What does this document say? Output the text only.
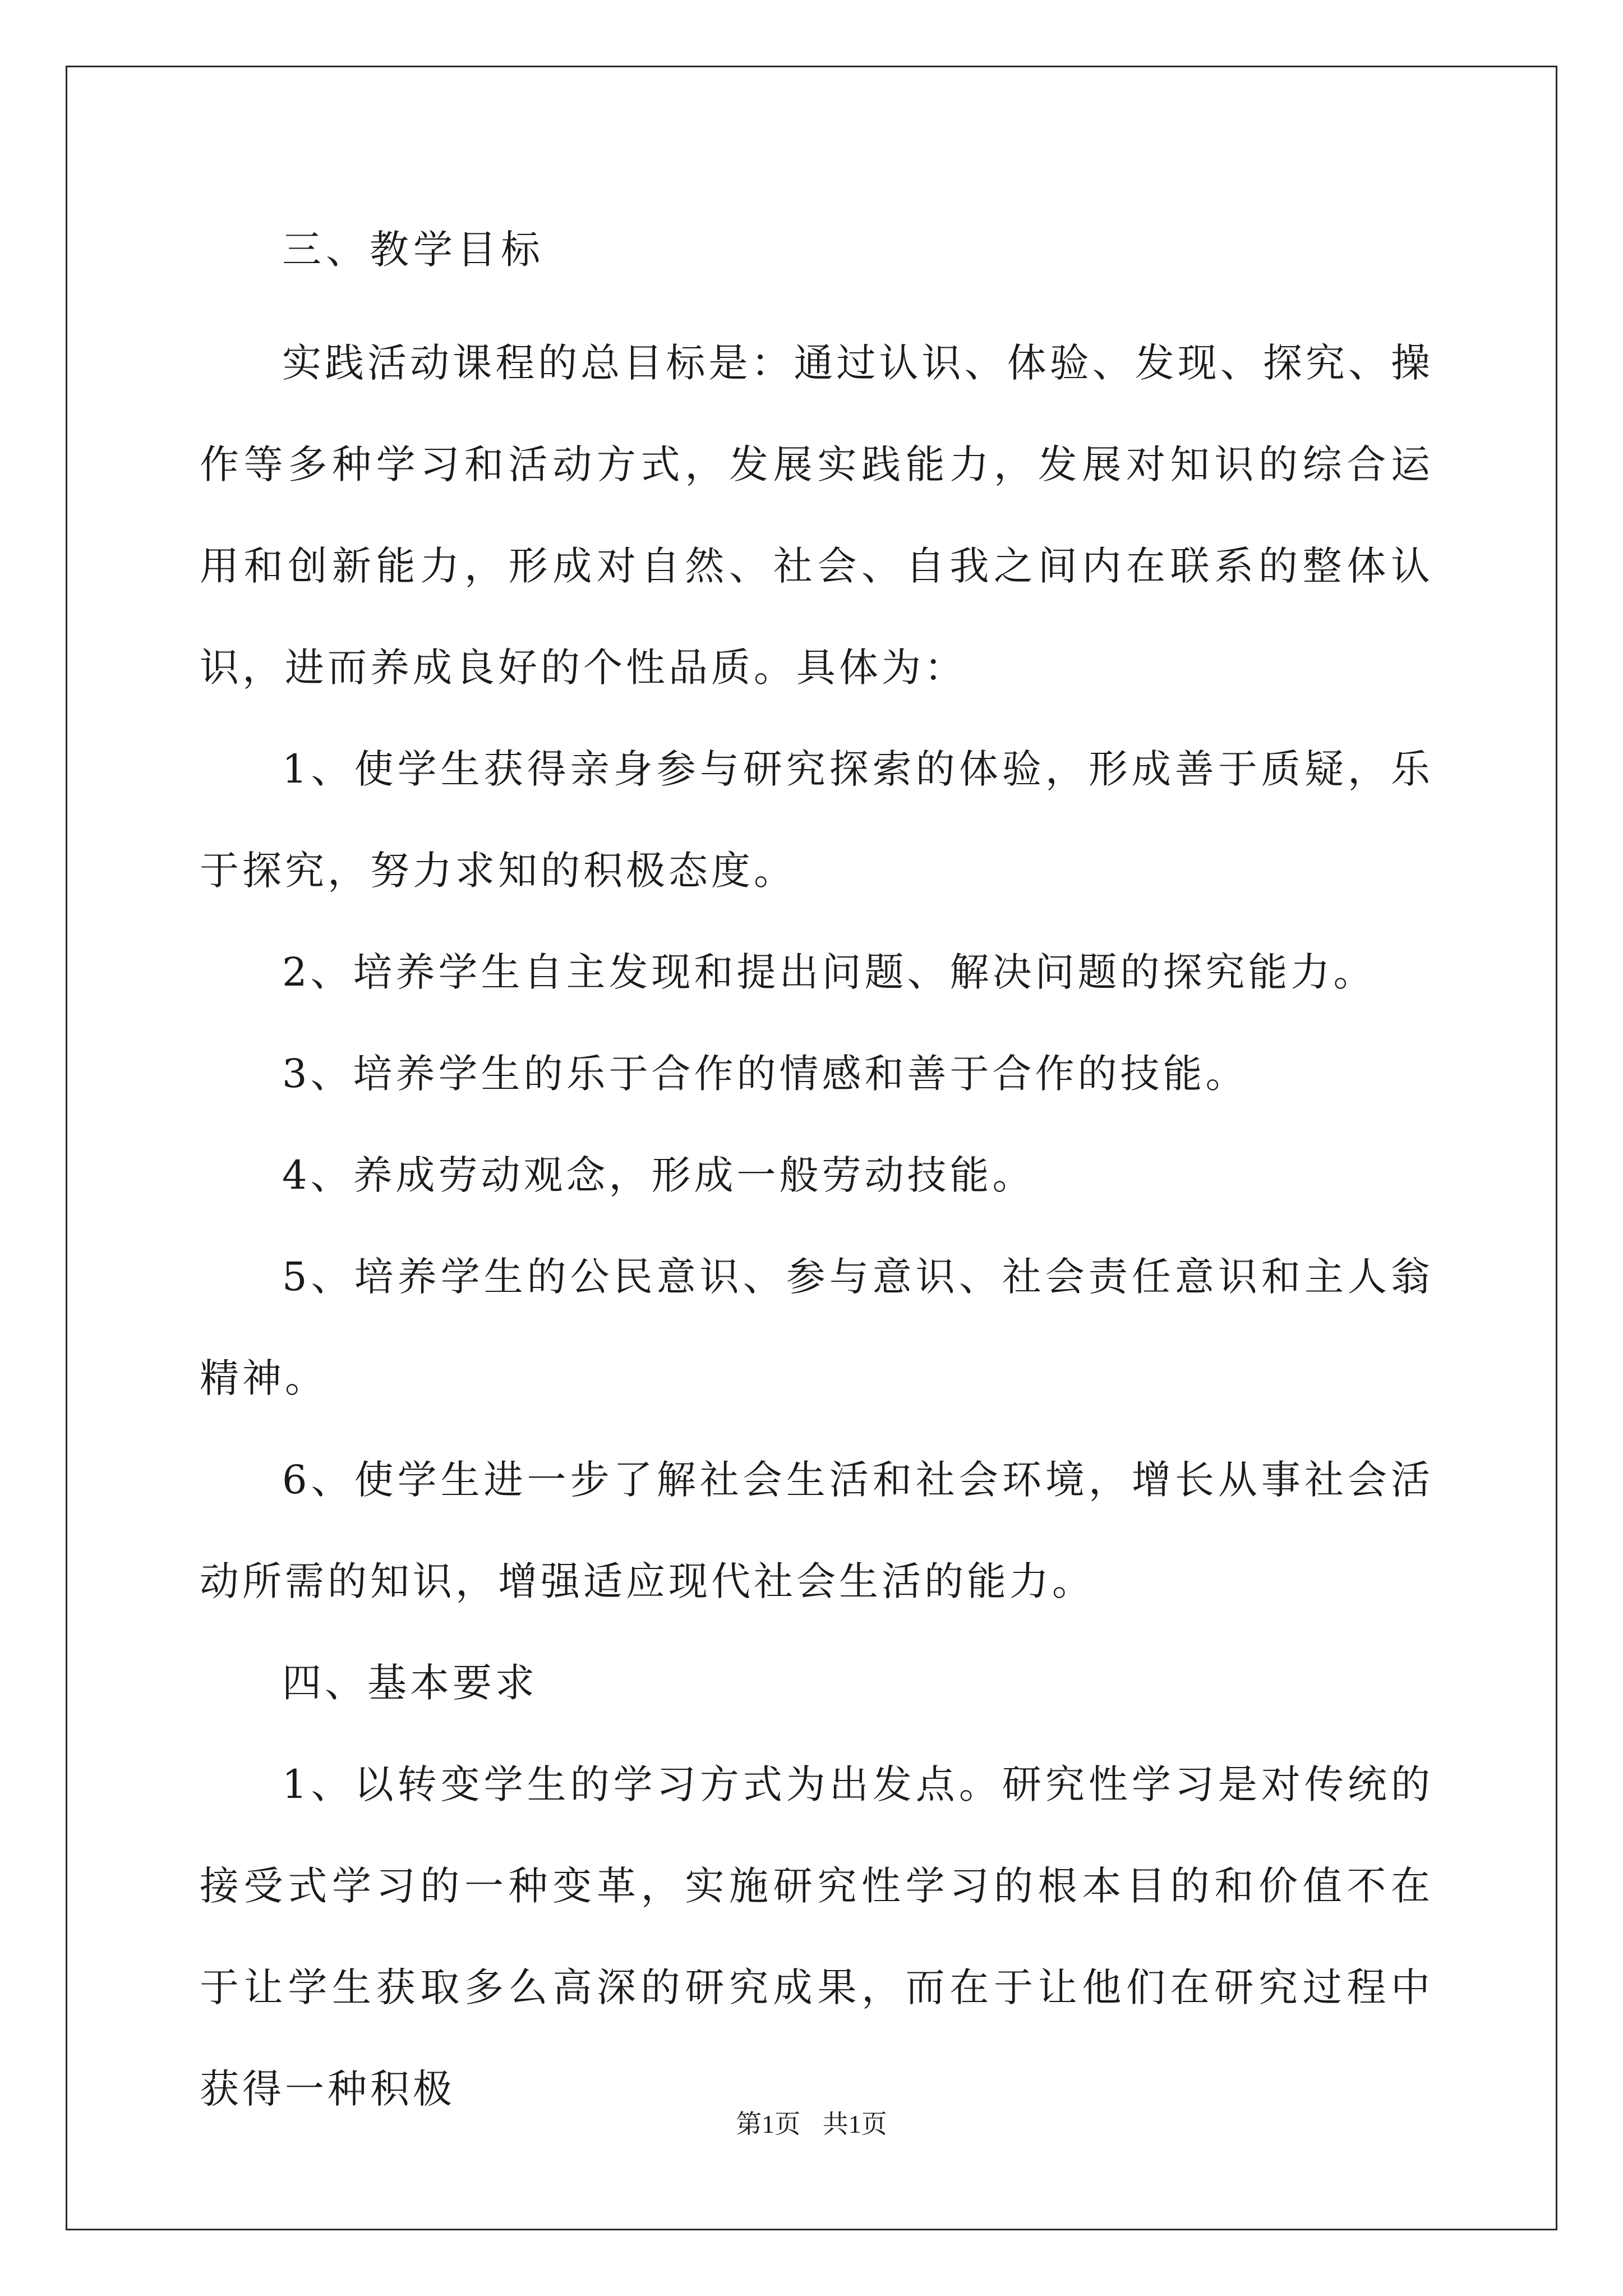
三、教学目标

实践活动课程的总目标是：通过认识、体验、发现、探究、操作等多种学习和活动方式，发展实践能力，发展对知识的综合运用和创新能力，形成对自然、社会、自我之间内在联系的整体认识，进而养成良好的个性品质。具体为：

1、使学生获得亲身参与研究探索的体验，形成善于质疑，乐于探究，努力求知的积极态度。

2、培养学生自主发现和提出问题、解决问题的探究能力。

3、培养学生的乐于合作的情感和善于合作的技能。

4、养成劳动观念，形成一般劳动技能。

5、培养学生的公民意识、参与意识、社会责任意识和主人翁精神。

6、使学生进一步了解社会生活和社会环境，增长从事社会活动所需的知识，增强适应现代社会生活的能力。

四、基本要求

1、以转变学生的学习方式为出发点。研究性学习是对传统的接受式学习的一种变革，实施研究性学习的根本目的和价值不在于让学生获取多么高深的研究成果，而在于让他们在研究过程中获得一种积极

第1页 共1页
